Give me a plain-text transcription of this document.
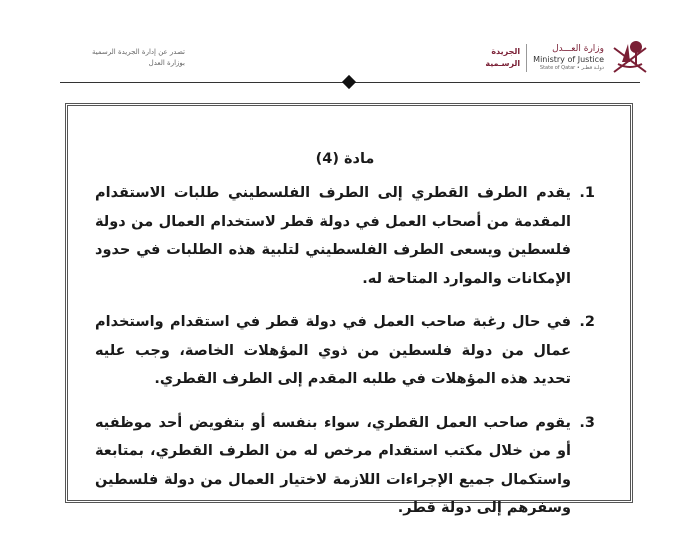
تصدر عن إدارة الجريدة الرسمية
بوزارة العدل
وزارة العـــدل
Ministry of Justice
State of Qatar • دولـة قطـر
الجريدة
الرسـمية
مادة (4)
1.
يقدم الطرف القطري إلى الطرف الفلسطيني طلبات الاستقدام المقدمة من أصحاب العمل في دولة قطر لاستخدام العمال من دولة فلسطين ويسعى الطرف الفلسطيني لتلبية هذه الطلبات في حدود الإمكانات والموارد المتاحة له.
2.
في حال رغبة صاحب العمل في دولة قطر في استقدام واستخدام عمال من دولة فلسطين من ذوي المؤهلات الخاصة، وجب عليه تحديد هذه المؤهلات في طلبه المقدم إلى الطرف القطري.
3.
يقوم صاحب العمل القطري، سواء بنفسه أو بتفويض أحد موظفيه أو من خلال مكتب استقدام مرخص له من الطرف القطري، بمتابعة واستكمال جميع الإجراءات اللازمة لاختيار العمال من دولة فلسطين وسفرهم إلى دولة قطر.
